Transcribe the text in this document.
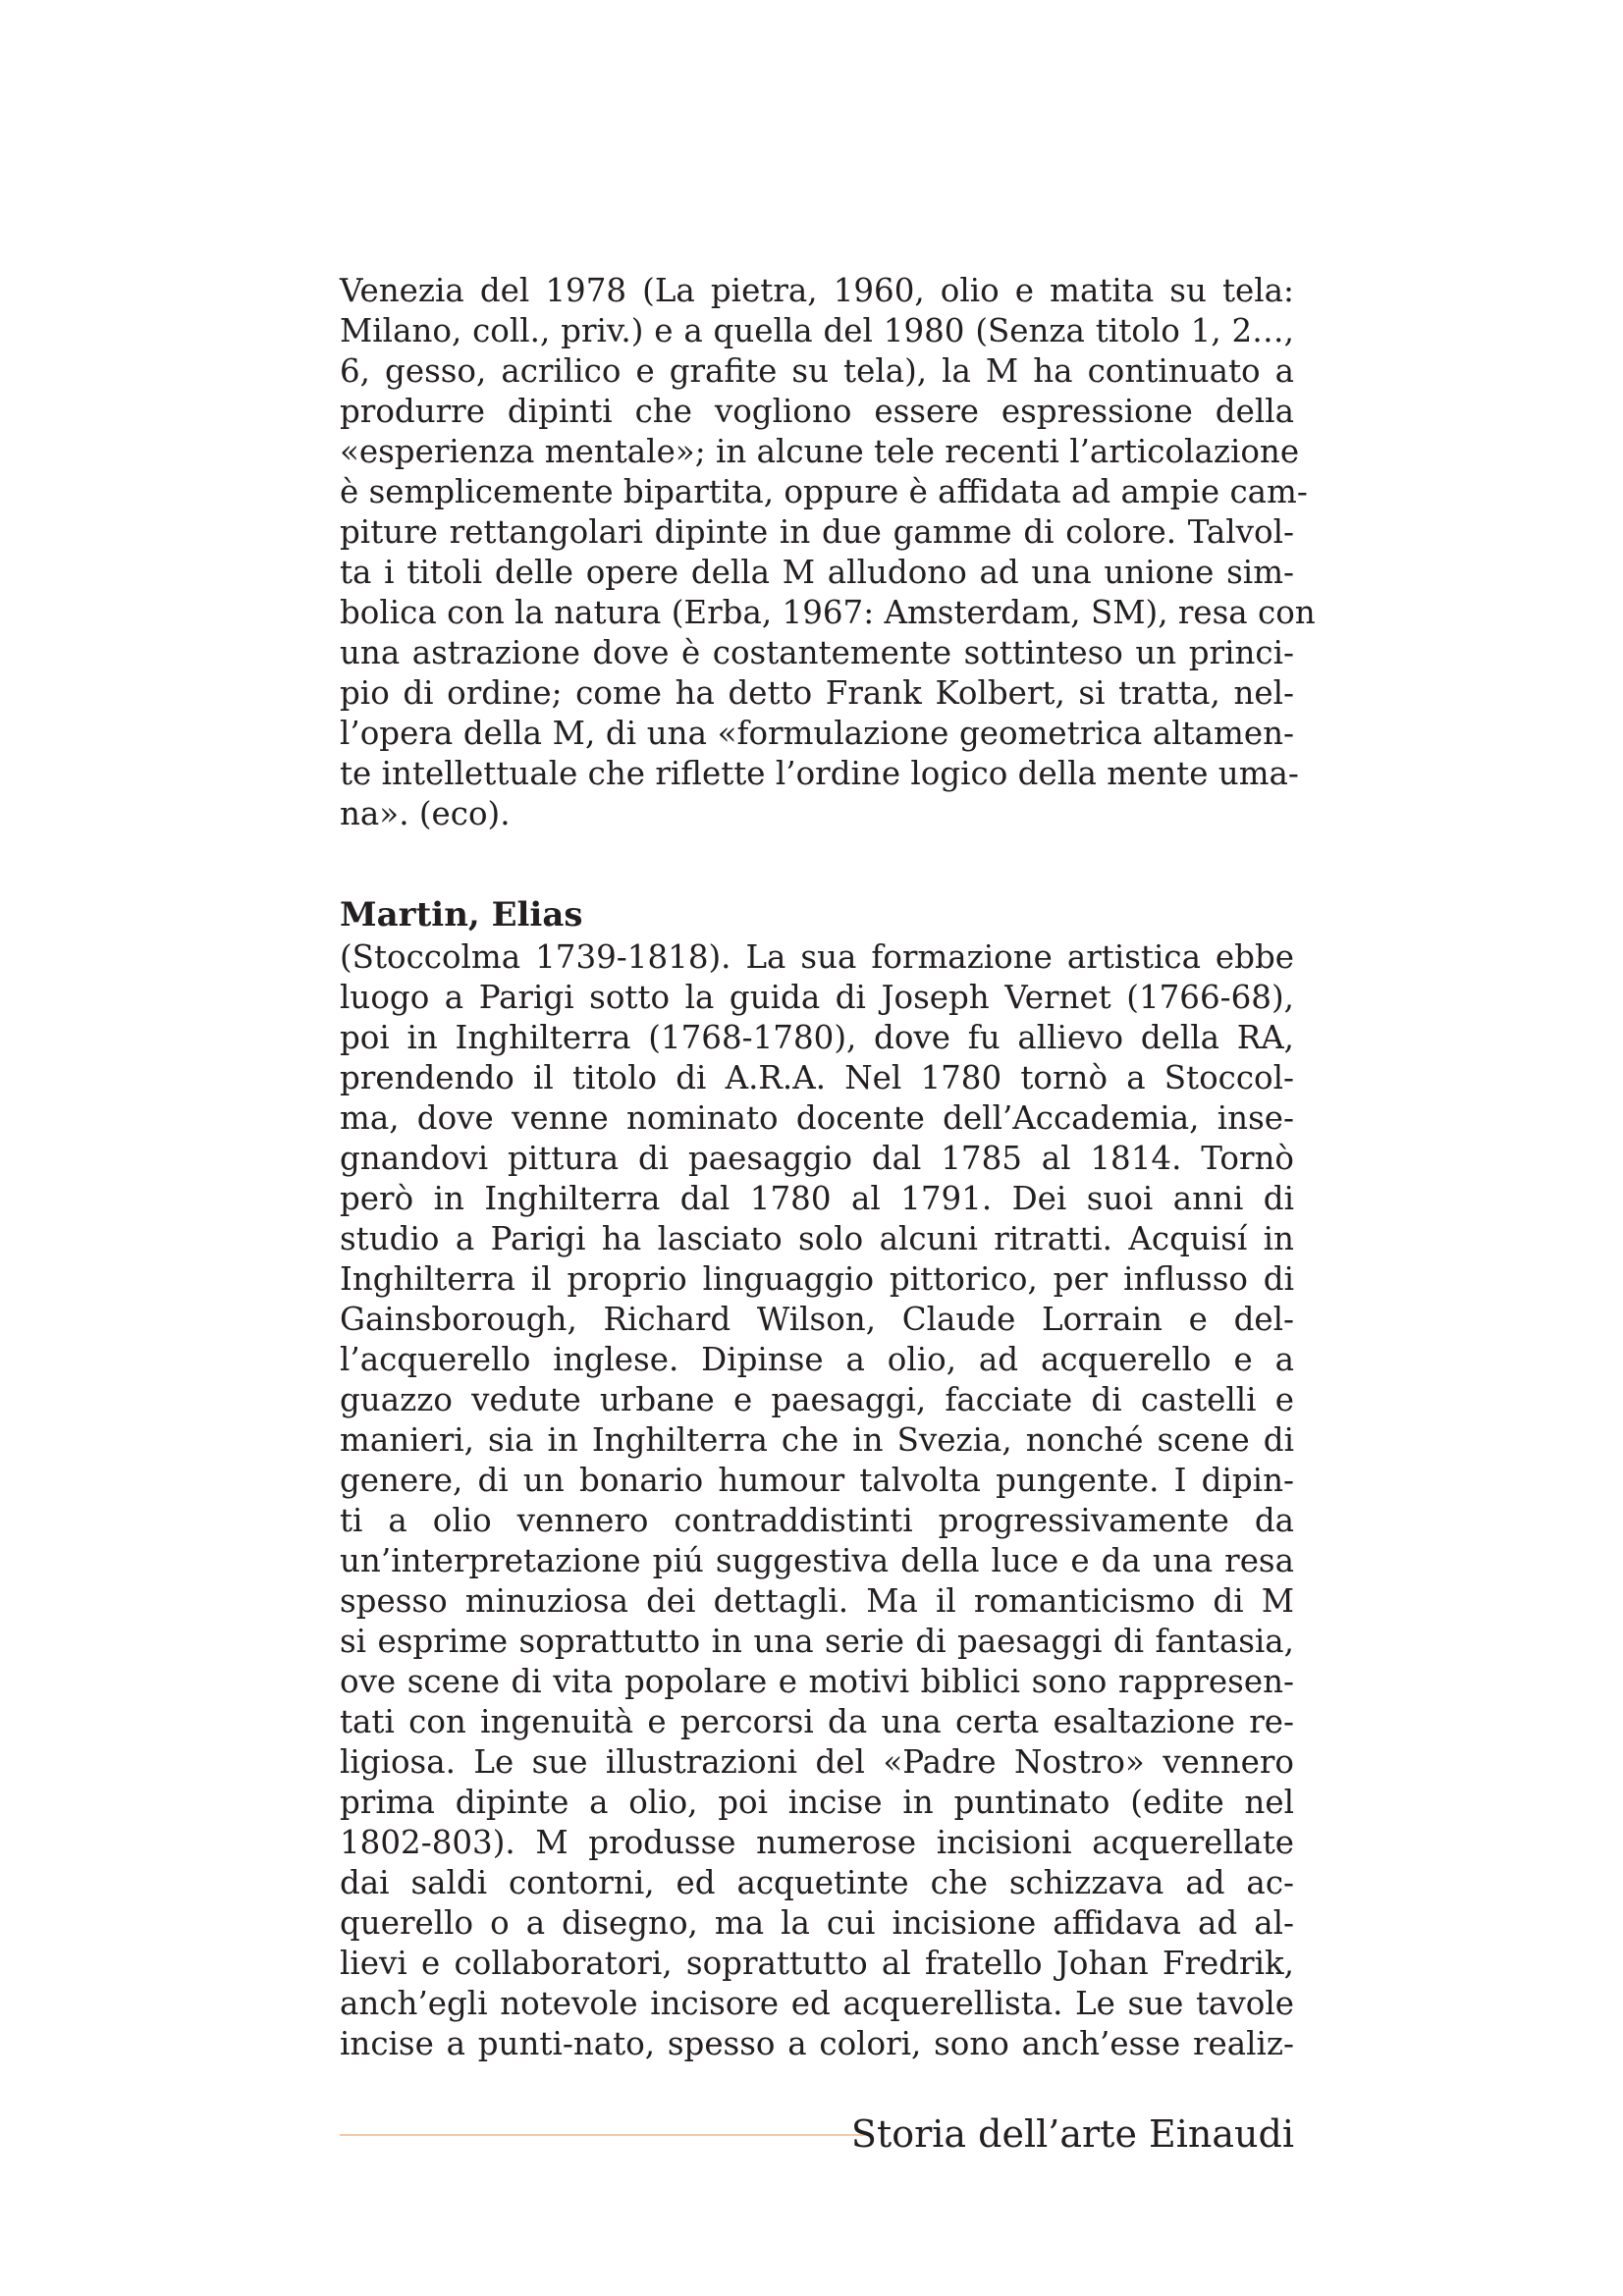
Venezia del 1978 (La pietra, 1960, olio e matita su tela:
Milano, coll., priv.) e a quella del 1980 (Senza titolo 1, 2…,
6, gesso, acrilico e grafite su tela), la M ha continuato a
produrre dipinti che vogliono essere espressione della
«esperienza mentale»; in alcune tele recenti l’articolazione
è semplicemente bipartita, oppure è affidata ad ampie cam-
piture rettangolari dipinte in due gamme di colore. Talvol-
ta i titoli delle opere della M alludono ad una unione sim-
bolica con la natura (Erba, 1967: Amsterdam, SM), resa con
una astrazione dove è costantemente sottinteso un princi-
pio di ordine; come ha detto Frank Kolbert, si tratta, nel-
l’opera della M, di una «formulazione geometrica altamen-
te intellettuale che riflette l’ordine logico della mente uma-
na». (eco).
Martin, Elias
(Stoccolma 1739-1818). La sua formazione artistica ebbe
luogo a Parigi sotto la guida di Joseph Vernet (1766-68),
poi in Inghilterra (1768-1780), dove fu allievo della RA,
prendendo il titolo di A.R.A. Nel 1780 tornò a Stoccol-
ma, dove venne nominato docente dell’Accademia, inse-
gnandovi pittura di paesaggio dal 1785 al 1814. Tornò
però in Inghilterra dal 1780 al 1791. Dei suoi anni di
studio a Parigi ha lasciato solo alcuni ritratti. Acquisí in
Inghilterra il proprio linguaggio pittorico, per influsso di
Gainsborough, Richard Wilson, Claude Lorrain e del-
l’acquerello inglese. Dipinse a olio, ad acquerello e a
guazzo vedute urbane e paesaggi, facciate di castelli e
manieri, sia in Inghilterra che in Svezia, nonché scene di
genere, di un bonario humour talvolta pungente. I dipin-
ti a olio vennero contraddistinti progressivamente da
un’interpretazione piú suggestiva della luce e da una resa
spesso minuziosa dei dettagli. Ma il romanticismo di M
si esprime soprattutto in una serie di paesaggi di fantasia,
ove scene di vita popolare e motivi biblici sono rappresen-
tati con ingenuità e percorsi da una certa esaltazione re-
ligiosa. Le sue illustrazioni del «Padre Nostro» vennero
prima dipinte a olio, poi incise in puntinato (edite nel
1802-803). M produsse numerose incisioni acquerellate
dai saldi contorni, ed acquetinte che schizzava ad ac-
querello o a disegno, ma la cui incisione affidava ad al-
lievi e collaboratori, soprattutto al fratello Johan Fredrik,
anch’egli notevole incisore ed acquerellista. Le sue tavole
incise a punti-nato, spesso a colori, sono anch’esse realiz-
Storia dell’arte Einaudi
